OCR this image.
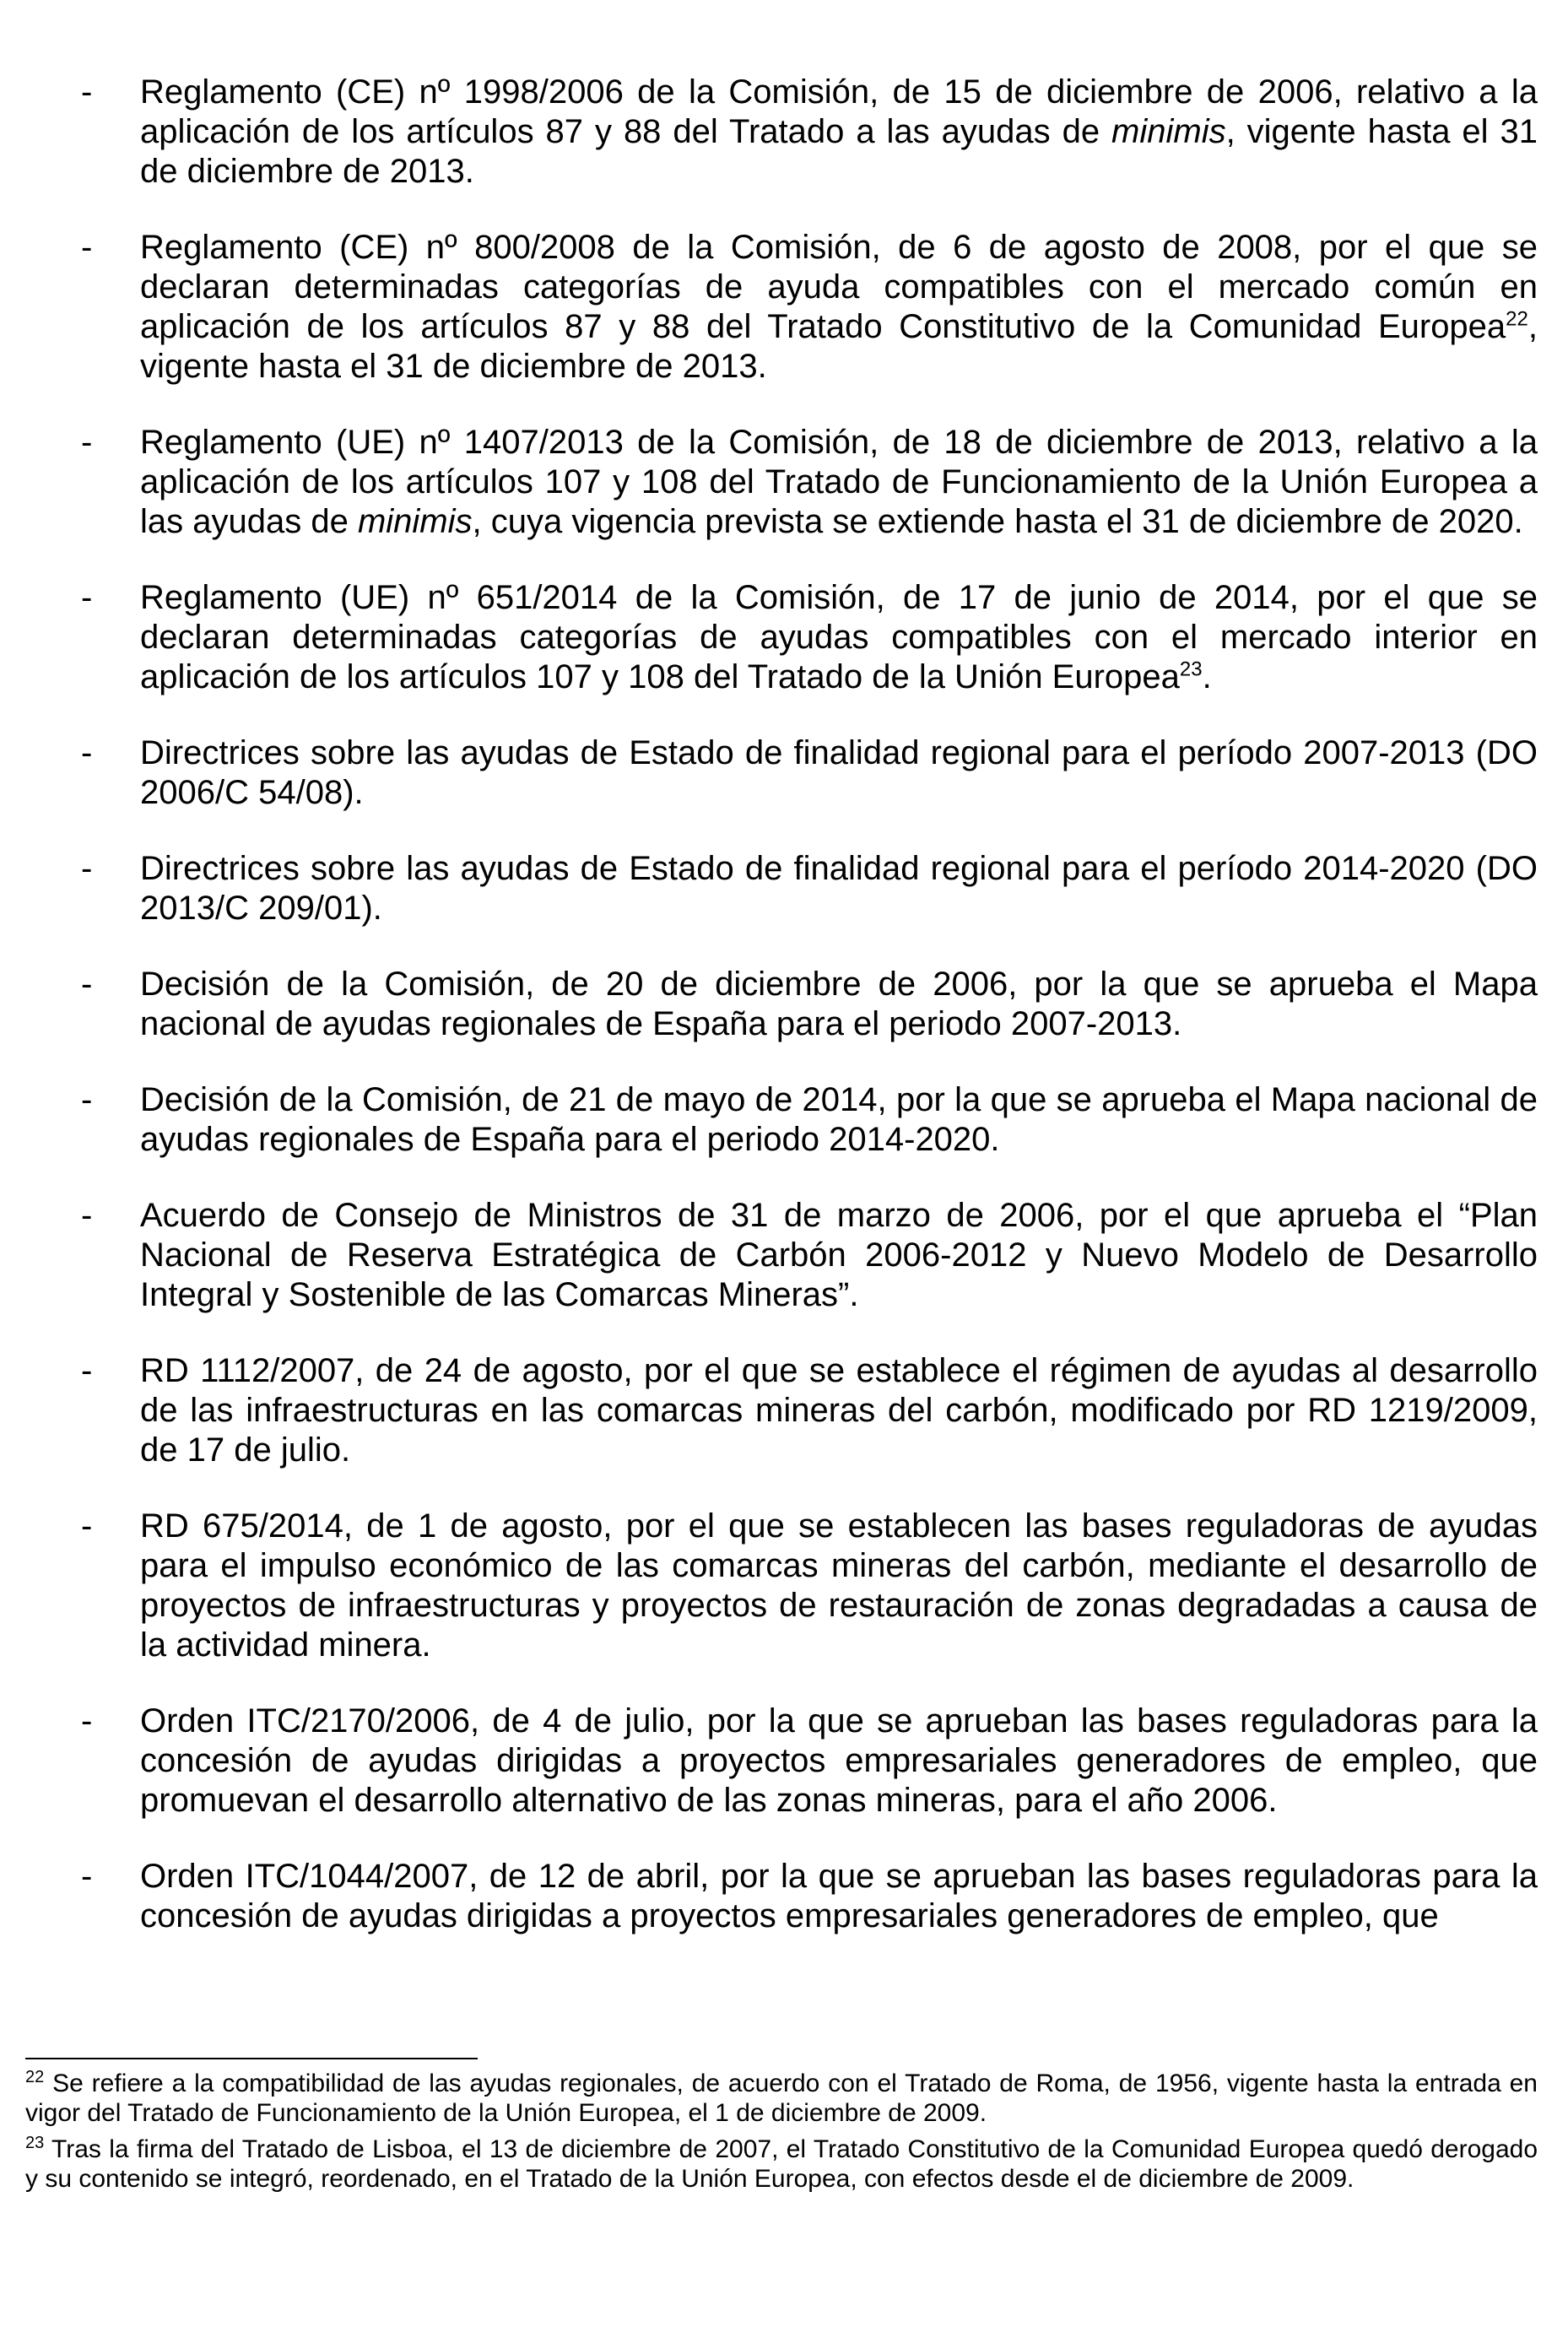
-	Reglamento (CE) nº 1998/2006 de la Comisión, de 15 de diciembre de 2006, relativo a la aplicación de los artículos 87 y 88 del Tratado a las ayudas de minimis, vigente hasta el 31 de diciembre de 2013.
-	Reglamento (CE) nº 800/2008 de la Comisión, de 6 de agosto de 2008, por el que se declaran determinadas categorías de ayuda compatibles con el mercado común en aplicación de los artículos 87 y 88 del Tratado Constitutivo de la Comunidad Europea$^{22}$, vigente hasta el 31 de diciembre de 2013.
-	Reglamento (UE) nº 1407/2013 de la Comisión, de 18 de diciembre de 2013, relativo a la aplicación de los artículos 107 y 108 del Tratado de Funcionamiento de la Unión Europea a las ayudas de minimis, cuya vigencia prevista se extiende hasta el 31 de diciembre de 2020.
-	Reglamento (UE) nº 651/2014 de la Comisión, de 17 de junio de 2014, por el que se declaran determinadas categorías de ayudas compatibles con el mercado interior en aplicación de los artículos 107 y 108 del Tratado de la Unión Europea$^{23}$.
-	Directrices sobre las ayudas de Estado de finalidad regional para el período 2007-2013 (DO 2006/C 54/08).
-	Directrices sobre las ayudas de Estado de finalidad regional para el período 2014-2020 (DO 2013/C 209/01).
-	Decisión de la Comisión, de 20 de diciembre de 2006, por la que se aprueba el Mapa nacional de ayudas regionales de España para el periodo 2007-2013.
-	Decisión de la Comisión, de 21 de mayo de 2014, por la que se aprueba el Mapa nacional de ayudas regionales de España para el periodo 2014-2020.
-	Acuerdo de Consejo de Ministros de 31 de marzo de 2006, por el que aprueba el “Plan Nacional de Reserva Estratégica de Carbón 2006-2012 y Nuevo Modelo de Desarrollo Integral y Sostenible de las Comarcas Mineras”.
-	RD 1112/2007, de 24 de agosto, por el que se establece el régimen de ayudas al desarrollo de las infraestructuras en las comarcas mineras del carbón, modificado por RD 1219/2009, de 17 de julio.
-	RD 675/2014, de 1 de agosto, por el que se establecen las bases reguladoras de ayudas para el impulso económico de las comarcas mineras del carbón, mediante el desarrollo de proyectos de infraestructuras y proyectos de restauración de zonas degradadas a causa de la actividad minera.
-	Orden ITC/2170/2006, de 4 de julio, por la que se aprueban las bases reguladoras para la concesión de ayudas dirigidas a proyectos empresariales generadores de empleo, que promuevan el desarrollo alternativo de las zonas mineras, para el año 2006.
-	Orden ITC/1044/2007, de 12 de abril, por la que se aprueban las bases reguladoras para la concesión de ayudas dirigidas a proyectos empresariales generadores de empleo, que
$^{22}$ Se refiere a la compatibilidad de las ayudas regionales, de acuerdo con el Tratado de Roma, de 1956, vigente hasta la entrada en vigor del Tratado de Funcionamiento de la Unión Europea, el 1 de diciembre de 2009.
$^{23}$ Tras la firma del Tratado de Lisboa, el 13 de diciembre de 2007, el Tratado Constitutivo de la Comunidad Europea quedó derogado y su contenido se integró, reordenado, en el Tratado de la Unión Europea, con efectos desde el de diciembre de 2009.
